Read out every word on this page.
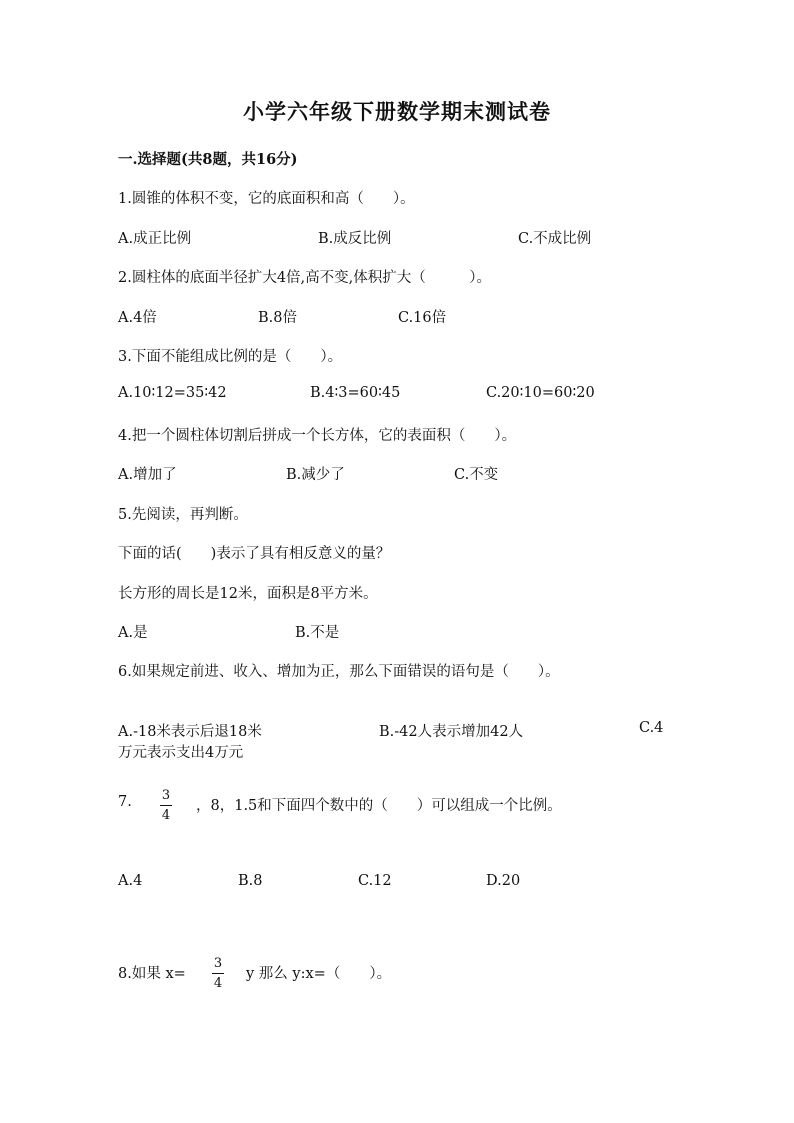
小学六年级下册数学期末测试卷
一.选择题(共8题，共16分)
1.圆锥的体积不变，它的底面积和高（　　）。
A.成正比例	B.成反比例	C.不成比例
2.圆柱体的底面半径扩大4倍,高不变,体积扩大（　　　）。
A.4倍	B.8倍	C.16倍
3.下面不能组成比例的是（　　）。
A.10∶12=35∶42	B.4∶3=60∶45	C.20∶10=60∶20
4.把一个圆柱体切割后拼成一个长方体，它的表面积（　　）。
A.增加了	B.减少了	C.不变
5.先阅读，再判断。
下面的话(　　)表示了具有相反意义的量？
长方形的周长是12米，面积是8平方米。
A.是	B.不是
6.如果规定前进、收入、增加为正，那么下面错误的语句是（　　）。
A.-18米表示后退18米	B.-42人表示增加42人	C.4
万元表示支出4万元
7. 3
4
，8，1.5和下面四个数中的（　　）可以组成一个比例。
A.4	B.8	C.12	D.20
8.如果 x=
3
4
y 那么 y:x=（　　）。
